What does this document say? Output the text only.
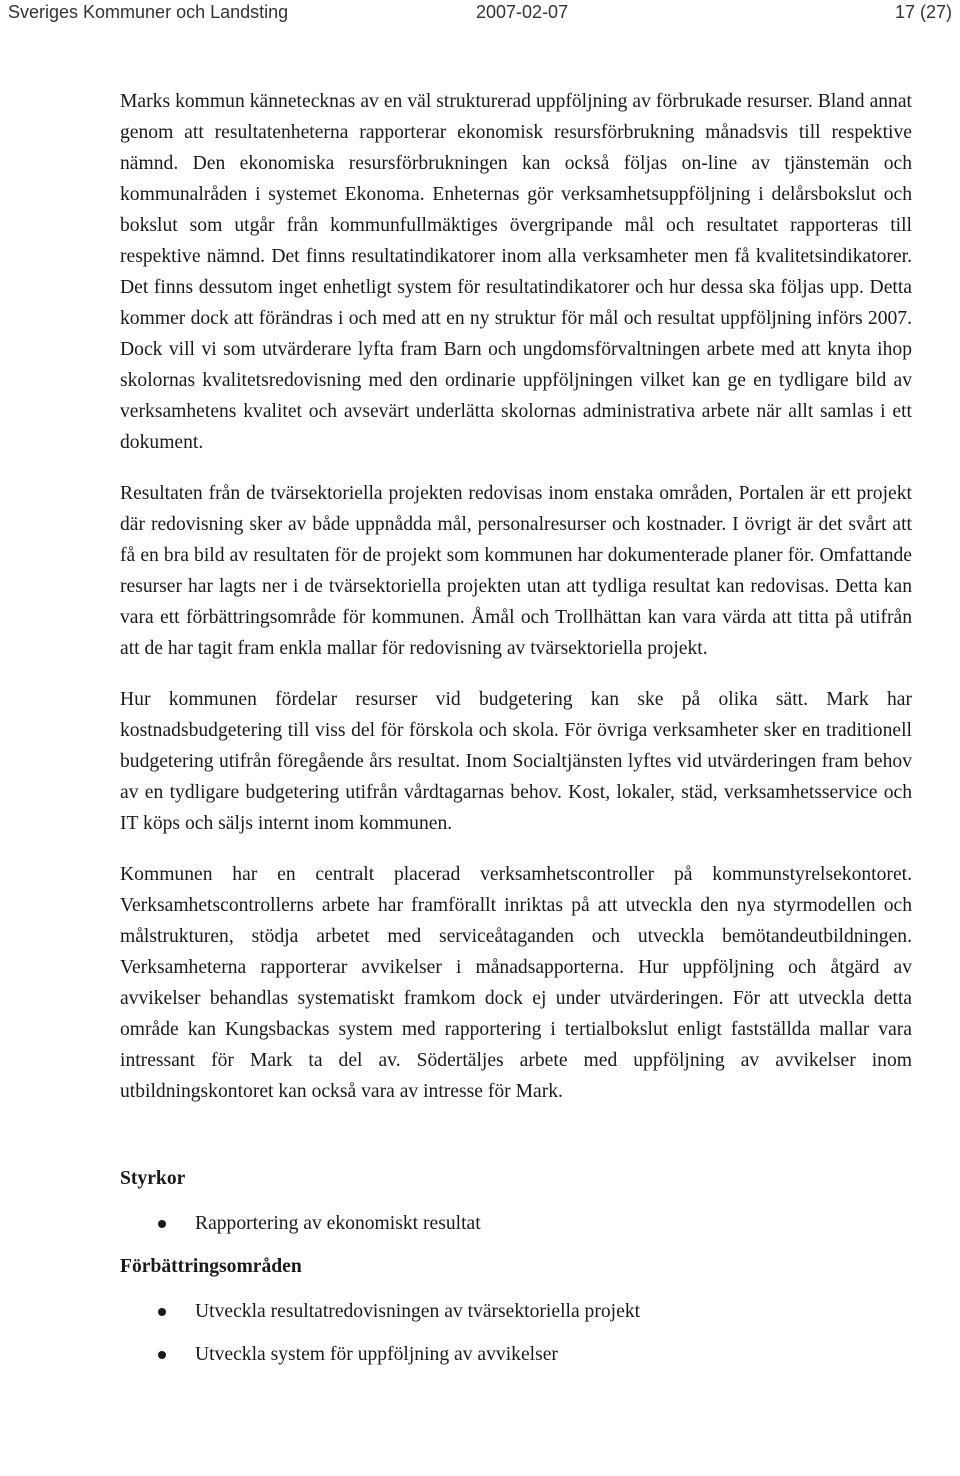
Sveriges Kommuner och Landsting	2007-02-07	17 (27)

Marks kommun kännetecknas av en väl strukturerad uppföljning av förbrukade resurser. Bland annat genom att resultatenheterna rapporterar ekonomisk resursförbrukning månadsvis till respektive nämnd. Den ekonomiska resursförbrukningen kan också följas on-line av tjänstemän och kommunalråden i systemet Ekonoma. Enheternas gör verksamhetsuppföljning i delårsbokslut och bokslut som utgår från kommunfullmäktiges övergripande mål och resultatet rapporteras till respektive nämnd. Det finns resultatindikatorer inom alla verksamheter men få kvalitetsindikatorer. Det finns dessutom inget enhetligt system för resultatindikatorer och hur dessa ska följas upp. Detta kommer dock att förändras i och med att en ny struktur för mål och resultat uppföljning införs 2007. Dock vill vi som utvärderare lyfta fram Barn och ungdomsförvaltningen arbete med att knyta ihop skolornas kvalitetsredovisning med den ordinarie uppföljningen vilket kan ge en tydligare bild av verksamhetens kvalitet och avsevärt underlätta skolornas administrativa arbete när allt samlas i ett dokument.

Resultaten från de tvärsektoriella projekten redovisas inom enstaka områden, Portalen är ett projekt där redovisning sker av både uppnådda mål, personalresurser och kostnader. I övrigt är det svårt att få en bra bild av resultaten för de projekt som kommunen har dokumenterade planer för. Omfattande resurser har lagts ner i de tvärsektoriella projekten utan att tydliga resultat kan redovisas. Detta kan vara ett förbättringsområde för kommunen. Åmål och Trollhättan kan vara värda att titta på utifrån att de har tagit fram enkla mallar för redovisning av tvärsektoriella projekt.

Hur kommunen fördelar resurser vid budgetering kan ske på olika sätt. Mark har kostnadsbudgetering till viss del för förskola och skola. För övriga verksamheter sker en traditionell budgetering utifrån föregående års resultat. Inom Socialtjänsten lyftes vid utvärderingen fram behov av en tydligare budgetering utifrån vårdtagarnas behov. Kost, lokaler, städ, verksamhetsservice och IT köps och säljs internt inom kommunen.

Kommunen har en centralt placerad verksamhetscontroller på kommunstyrelsekontoret. Verksamhetscontrollerns arbete har framförallt inriktas på att utveckla den nya styrmodellen och målstrukturen, stödja arbetet med serviceåtaganden och utveckla bemötandeutbildningen. Verksamheterna rapporterar avvikelser i månadsapporterna. Hur uppföljning och åtgärd av avvikelser behandlas systematiskt framkom dock ej under utvärderingen. För att utveckla detta område kan Kungsbackas system med rapportering i tertialbokslut enligt fastställda mallar vara intressant för Mark ta del av. Södertäljes arbete med uppföljning av avvikelser inom utbildningskontoret kan också vara av intresse för Mark.

Styrkor
Rapportering av ekonomiskt resultat
Förbättringsområden
Utveckla resultatredovisningen av tvärsektoriella projekt
Utveckla system för uppföljning av avvikelser
